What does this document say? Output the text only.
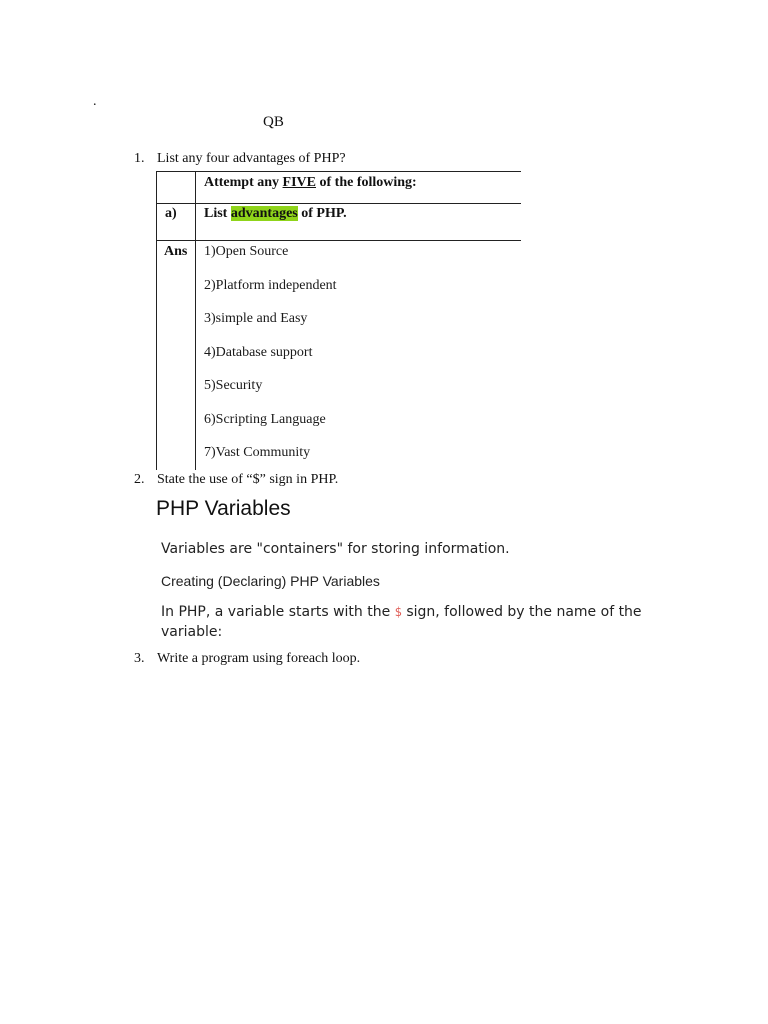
.
QB
1. List any four advantages of PHP?
Attempt any FIVE of the following:
a) List advantages of PHP.
Ans 1)Open Source
2)Platform independent
3)simple and Easy
4)Database support
5)Security
6)Scripting Language
7)Vast Community
2. State the use of “$” sign in PHP.
PHP Variables
Variables are "containers" for storing information.
Creating (Declaring) PHP Variables
In PHP, a variable starts with the $ sign, followed by the name of the
variable:
3. Write a program using foreach loop.
